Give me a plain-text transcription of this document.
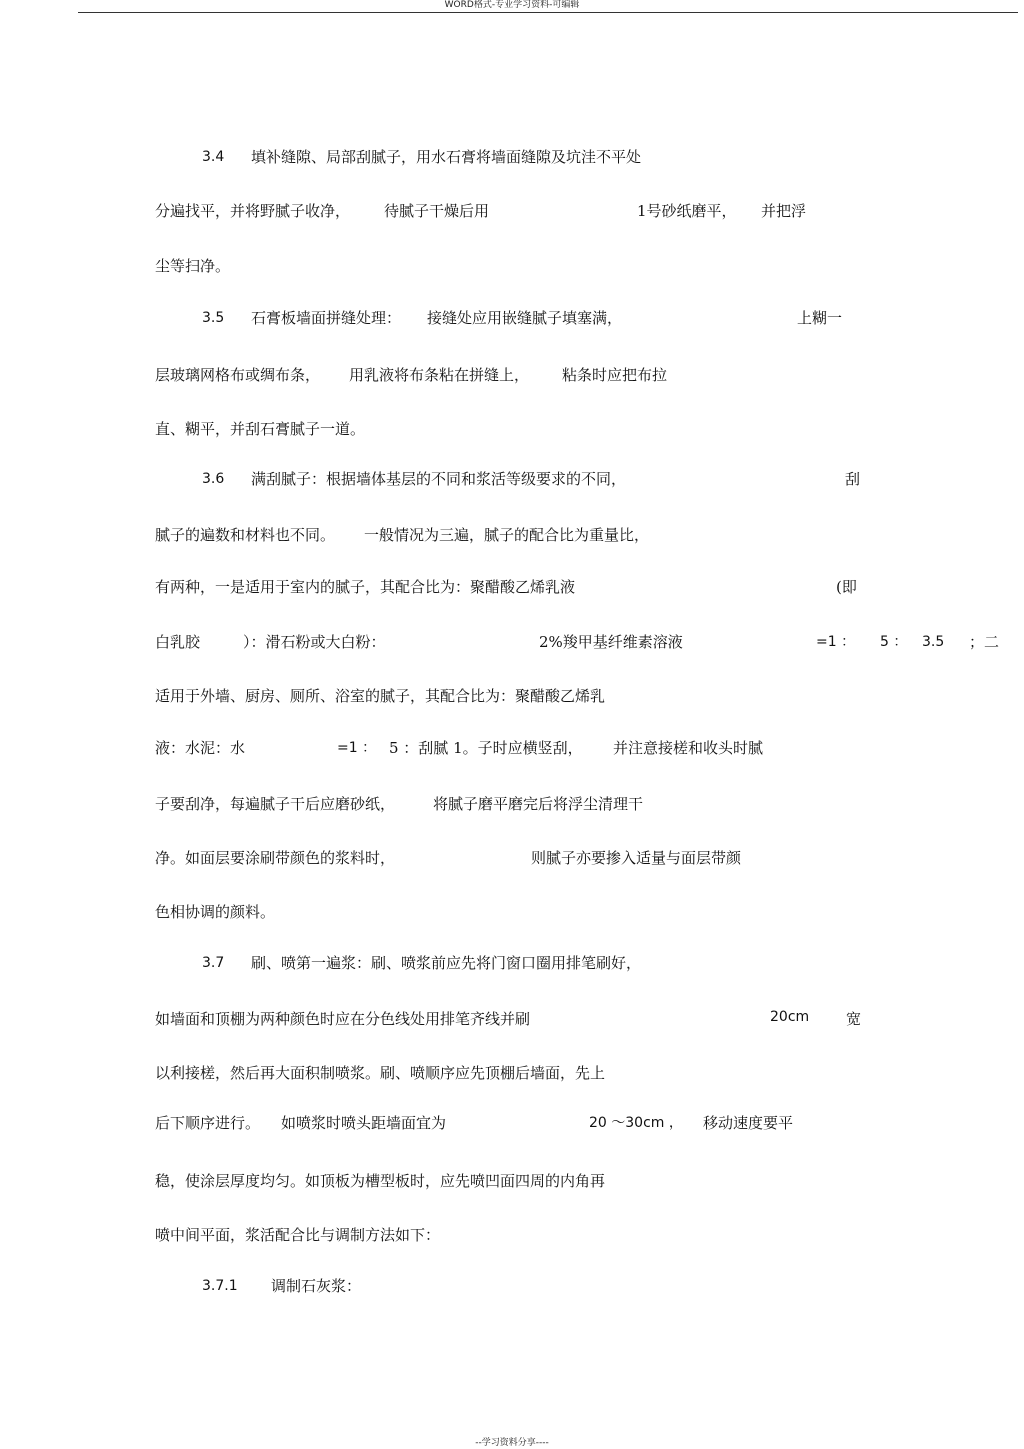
WORD格式-专业学习资料-可编辑
3.4 填补缝隙、局部刮腻子，用水石膏将墙面缝隙及坑洼不平处
分遍找平，并将野腻子收净， 待腻子干燥后用	1号砂纸磨平， 并把浮
尘等扫净。
3.5 石膏板墙面拼缝处理： 接缝处应用嵌缝腻子填塞满，	上糊一
层玻璃网格布或绸布条， 用乳液将布条粘在拼缝上， 粘条时应把布拉
直、糊平，并刮石膏腻子一道。
3.6 满刮腻子：根据墙体基层的不同和浆活等级要求的不同，	刮
腻子的遍数和材料也不同。 一般情况为三遍，腻子的配合比为重量比，
有两种，一是适用于室内的腻子，其配合比为：聚醋酸乙烯乳液	(即
白乳胶	）：滑石粉或大白粉：	2%羧甲基纤维素溶液	=1 ： 5 ： 3.5 ；二
适用于外墙、厨房、厕所、浴室的腻子，其配合比为：聚醋酸乙烯乳
液：水泥：水	=1 ： 5 ：刮腻 1。子时应横竖刮， 并注意接槎和收头时腻
子要刮净，每遍腻子干后应磨砂纸，	将腻子磨平磨完后将浮尘清理干
净。如面层要涂刷带颜色的浆料时，	则腻子亦要掺入适量与面层带颜
色相协调的颜料。
3.7 刷、喷第一遍浆：刷、喷浆前应先将门窗口圈用排笔刷好，
如墙面和顶棚为两种颜色时应在分色线处用排笔齐线并刷	20cm 宽
以利接槎，然后再大面积制喷浆。刷、喷顺序应先顶棚后墙面，先上
后下顺序进行。 如喷浆时喷头距墙面宜为	20 ～30cm ， 移动速度要平
稳，使涂层厚度均匀。如顶板为槽型板时，应先喷凹面四周的内角再
喷中间平面，浆活配合比与调制方法如下：
3.7.1 调制石灰浆：
--学习资料分享----
